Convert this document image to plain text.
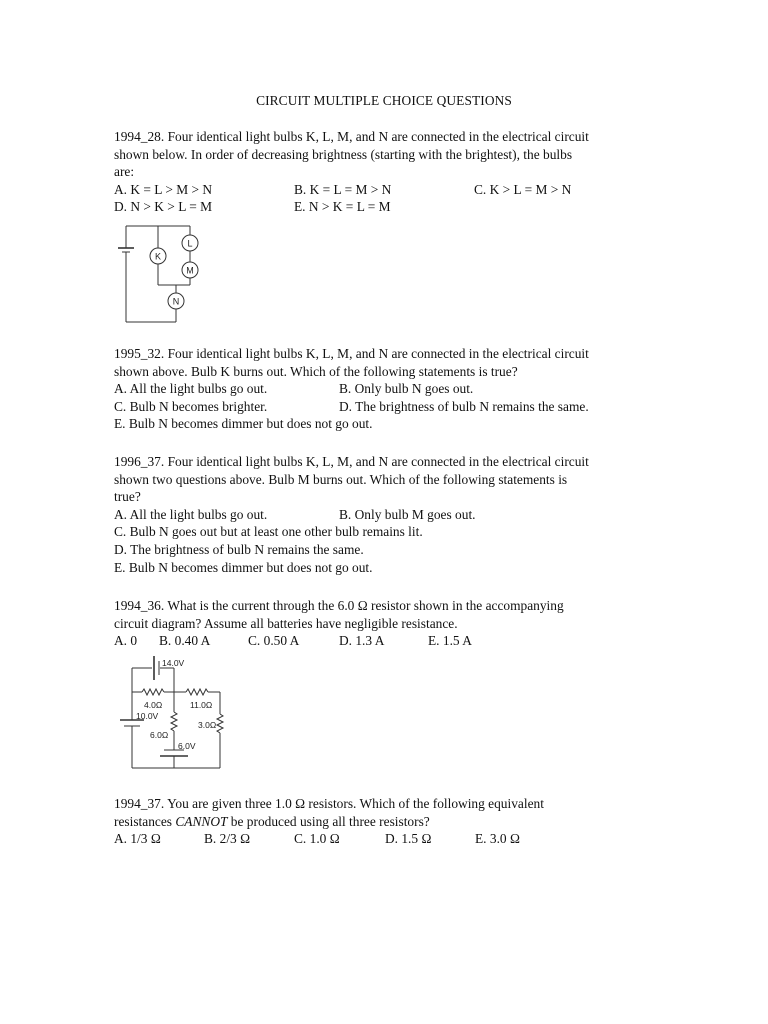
CIRCUIT MULTIPLE CHOICE QUESTIONS

1994_28. Four identical light bulbs K, L, M, and N are connected in the electrical circuit

shown below. In order of decreasing brightness (starting with the brightest), the bulbs

are:

A. K = L > M > N	B. K = L = M > N	C. K > L = M > N
D. N > K > L = M	E. N > K = L = M
K
L
M
N

1995_32. Four identical light bulbs K, L, M, and N are connected in the electrical circuit

shown above. Bulb K burns out. Which of the following statements is true?

A. All the light bulbs go out.	B. Only bulb N goes out.
C. Bulb N becomes brighter.	D. The brightness of bulb N remains the same.

E. Bulb N becomes dimmer but does not go out.

1996_37. Four identical light bulbs K, L, M, and N are connected in the electrical circuit

shown two questions above. Bulb M burns out. Which of the following statements is

true?

A. All the light bulbs go out.	B. Only bulb M goes out.

C. Bulb N goes out but at least one other bulb remains lit.

D. The brightness of bulb N remains the same.

E. Bulb N becomes dimmer but does not go out.

1994_36. What is the current through the 6.0 Ω resistor shown in the accompanying

circuit diagram? Assume all batteries have negligible resistance.

A. 0	B. 0.40 A	C. 0.50 A	D. 1.3 A	E. 1.5 A
14.0V
4.0Ω	11.0Ω
10.0V
3.0Ω
6.0Ω
6.0V

1994_37. You are given three 1.0 Ω resistors. Which of the following equivalent

resistances CANNOT be produced using all three resistors?

A. 1/3 Ω	B. 2/3 Ω	C. 1.0 Ω	D. 1.5 Ω	E. 3.0 Ω
